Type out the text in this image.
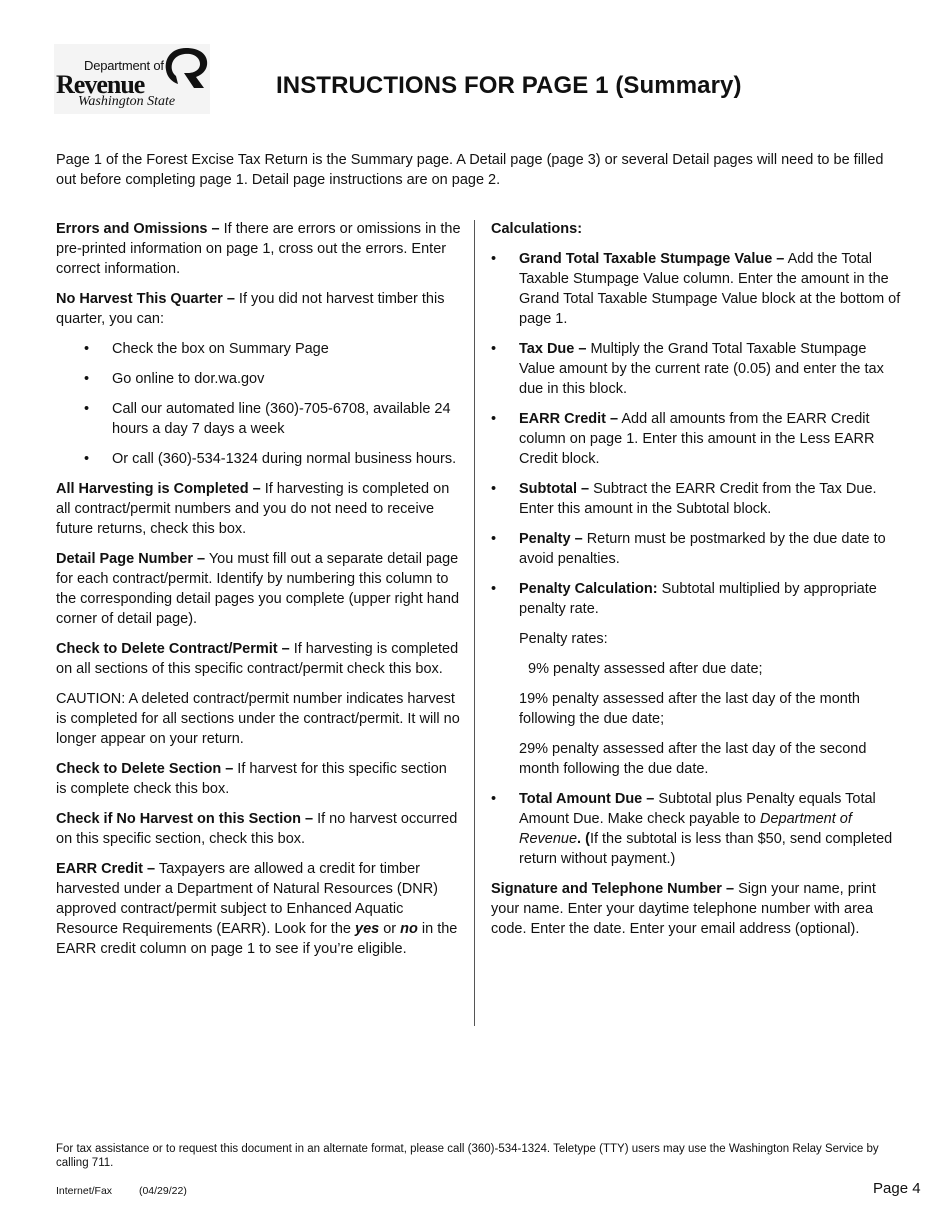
Department of
Revenue
Washington State
INSTRUCTIONS FOR PAGE 1 (Summary)
Page 1 of the Forest Excise Tax Return is the Summary page. A Detail page (page 3) or several Detail pages will need to be filled out before completing page 1. Detail page instructions are on page 2.

Errors and Omissions – If there are errors or omissions in the pre-printed information on page 1, cross out the errors. Enter correct information.

No Harvest This Quarter – If you did not harvest timber this quarter, you can:

• Check the box on Summary Page
• Go online to dor.wa.gov
• Call our automated line (360)-705-6708, available 24 hours a day 7 days a week
• Or call (360)-534-1324 during normal business hours.

All Harvesting is Completed – If harvesting is completed on all contract/permit numbers and you do not need to receive future returns, check this box.

Detail Page Number – You must fill out a separate detail page for each contract/permit. Identify by numbering this column to the corresponding detail pages you complete (upper right hand corner of detail page).

Check to Delete Contract/Permit – If harvesting is completed on all sections of this specific contract/permit check this box.

CAUTION: A deleted contract/permit number indicates harvest is completed for all sections under the contract/permit. It will no longer appear on your return.

Check to Delete Section – If harvest for this specific section is complete check this box.

Check if No Harvest on this Section – If no harvest occurred on this specific section, check this box.

EARR Credit – Taxpayers are allowed a credit for timber harvested under a Department of Natural Resources (DNR) approved contract/permit subject to Enhanced Aquatic Resource Requirements (EARR). Look for the yes or no in the EARR credit column on page 1 to see if you’re eligible.

Calculations:

• Grand Total Taxable Stumpage Value – Add the Total Taxable Stumpage Value column. Enter the amount in the Grand Total Taxable Stumpage Value block at the bottom of page 1.
• Tax Due – Multiply the Grand Total Taxable Stumpage Value amount by the current rate (0.05) and enter the tax due in this block.
• EARR Credit – Add all amounts from the EARR Credit column on page 1. Enter this amount in the Less EARR Credit block.
• Subtotal – Subtract the EARR Credit from the Tax Due. Enter this amount in the Subtotal block.
• Penalty – Return must be postmarked by the due date to avoid penalties.
• Penalty Calculation: Subtotal multiplied by appropriate penalty rate.
Penalty rates:
9% penalty assessed after due date;
19% penalty assessed after the last day of the month following the due date;
29% penalty assessed after the last day of the second month following the due date.
• Total Amount Due – Subtotal plus Penalty equals Total Amount Due. Make check payable to Department of Revenue. (If the subtotal is less than $50, send completed return without payment.)

Signature and Telephone Number – Sign your name, print your name. Enter your daytime telephone number with area code. Enter the date. Enter your email address (optional).

For tax assistance or to request this document in an alternate format, please call (360)-534-1324. Teletype (TTY) users may use the Washington Relay Service by calling 711.
Internet/Fax	(04/29/22)	Page 4
